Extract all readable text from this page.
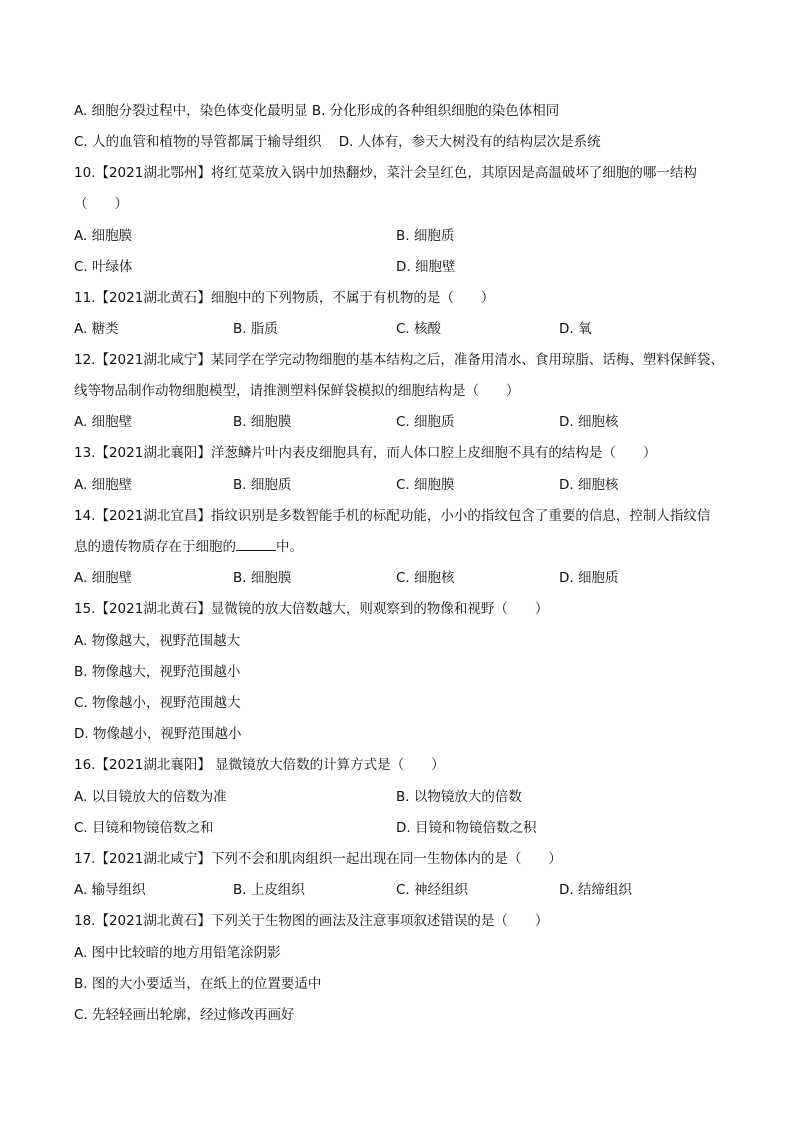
A. 细胞分裂过程中，染色体变化最明显 B. 分化形成的各种组织细胞的染色体相同
C. 人的血管和植物的导管都属于输导组织 D. 人体有，参天大树没有的结构层次是系统
10.【2021湖北鄂州】将红苋菜放入锅中加热翻炒，菜汁会呈红色，其原因是高温破坏了细胞的哪一结构
（　　）
A. 细胞膜	B. 细胞质
C. 叶绿体	D. 细胞壁
11.【2021湖北黄石】细胞中的下列物质，不属于有机物的是（　　）
A. 糖类	B. 脂质	C. 核酸	D. 氧
12.【2021湖北咸宁】某同学在学完动物细胞的基本结构之后，准备用清水、食用琼脂、话梅、塑料保鲜袋、
线等物品制作动物细胞模型，请推测塑料保鲜袋模拟的细胞结构是（　　）
A. 细胞壁	B. 细胞膜	C. 细胞质	D. 细胞核
13.【2021湖北襄阳】洋葱鳞片叶内表皮细胞具有，而人体口腔上皮细胞不具有的结构是（　　）
A. 细胞壁	B. 细胞质	C. 细胞膜	D. 细胞核
14.【2021湖北宜昌】指纹识别是多数智能手机的标配功能，小小的指纹包含了重要的信息，控制人指纹信
息的遗传物质存在于细胞的	中。
A. 细胞壁	B. 细胞膜	C. 细胞核	D. 细胞质
15.【2021湖北黄石】显微镜的放大倍数越大，则观察到的物像和视野（　　）
A. 物像越大，视野范围越大
B. 物像越大，视野范围越小
C. 物像越小，视野范围越大
D. 物像越小，视野范围越小
16.【2021湖北襄阳】 显微镜放大倍数的计算方式是（　　）
A. 以目镜放大的倍数为准	B. 以物镜放大的倍数
C. 目镜和物镜倍数之和	D. 目镜和物镜倍数之积
17.【2021湖北咸宁】下列不会和肌肉组织一起出现在同一生物体内的是（　　）
A. 输导组织	B. 上皮组织	C. 神经组织	D. 结缔组织
18.【2021湖北黄石】下列关于生物图的画法及注意事项叙述错误的是（　　）
A. 图中比较暗的地方用铅笔涂阴影
B. 图的大小要适当，在纸上的位置要适中
C. 先轻轻画出轮廓，经过修改再画好
